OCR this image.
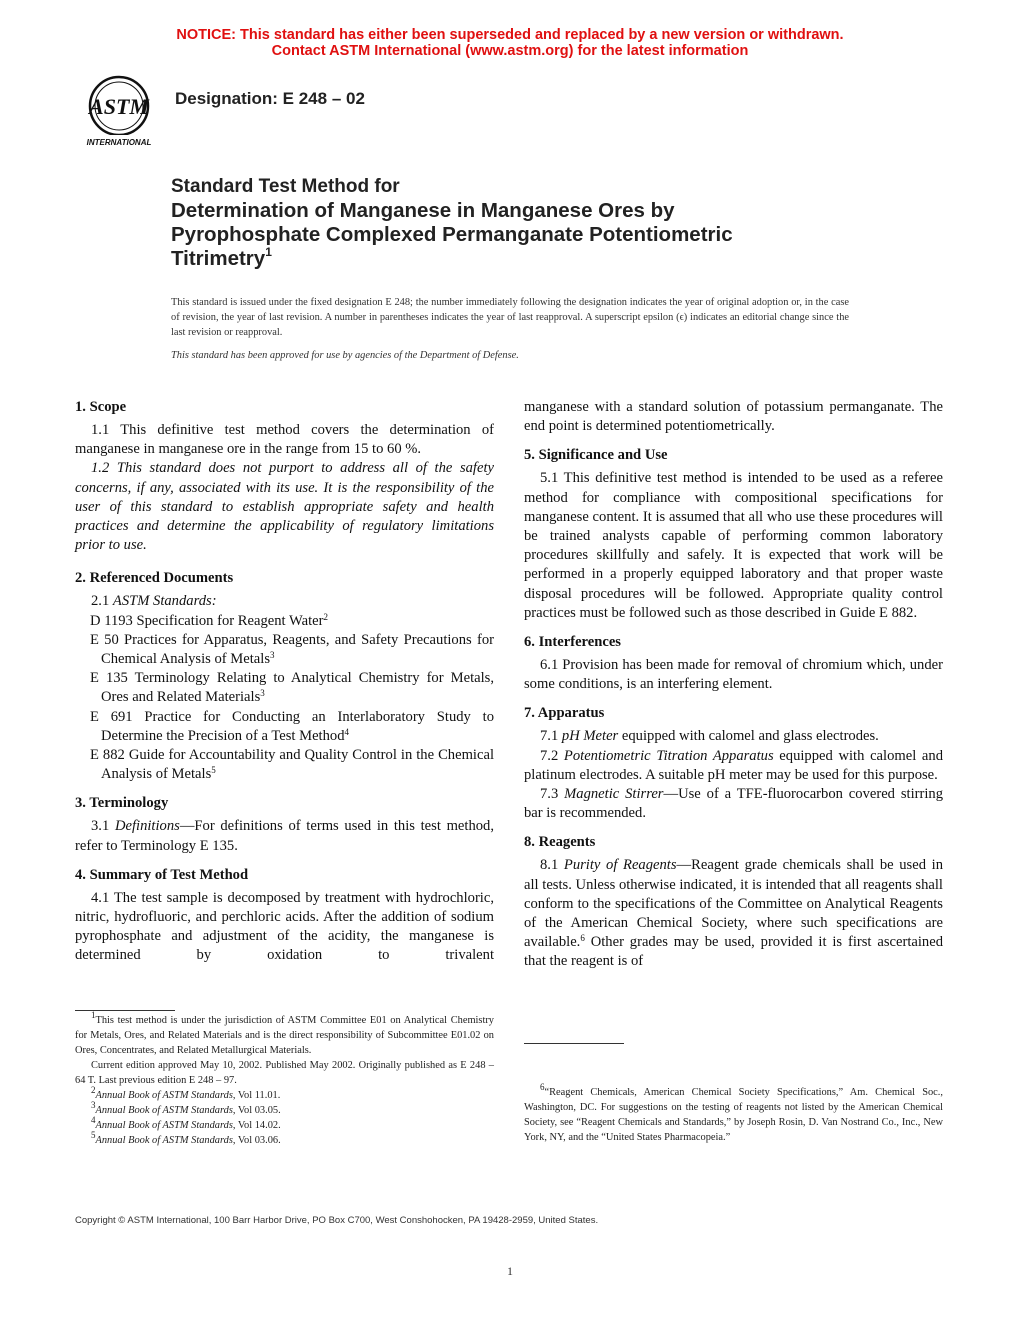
NOTICE: This standard has either been superseded and replaced by a new version or withdrawn.
Contact ASTM International (www.astm.org) for the latest information
ASTM
INTERNATIONAL
Designation: E 248 – 02
Standard Test Method for
Determination of Manganese in Manganese Ores by
Pyrophosphate Complexed Permanganate Potentiometric
Titrimetry$^1$
This standard is issued under the fixed designation E 248; the number immediately following the designation indicates the year of original adoption or, in the case of revision, the year of last revision. A number in parentheses indicates the year of last reapproval. A superscript epsilon (ϵ) indicates an editorial change since the last revision or reapproval.
This standard has been approved for use by agencies of the Department of Defense.
1. Scope

1.1 This definitive test method covers the determination of manganese in manganese ore in the range from 15 to 60 %.

1.2 This standard does not purport to address all of the safety concerns, if any, associated with its use. It is the responsibility of the user of this standard to establish appropriate safety and health practices and determine the applicability of regulatory limitations prior to use.

2. Referenced Documents

2.1 ASTM Standards:

D 1193 Specification for Reagent Water$^2$

E 50 Practices for Apparatus, Reagents, and Safety Precautions for Chemical Analysis of Metals$^3$

E 135 Terminology Relating to Analytical Chemistry for Metals, Ores and Related Materials$^3$

E 691 Practice for Conducting an Interlaboratory Study to Determine the Precision of a Test Method$^4$

E 882 Guide for Accountability and Quality Control in the Chemical Analysis of Metals$^5$

3. Terminology

3.1 Definitions—For definitions of terms used in this test method, refer to Terminology E 135.

4. Summary of Test Method

4.1 The test sample is decomposed by treatment with hydrochloric, nitric, hydrofluoric, and perchloric acids. After the addition of sodium pyrophosphate and adjustment of the acidity, the manganese is determined by oxidation to trivalent

$^1$This test method is under the jurisdiction of ASTM Committee E01 on Analytical Chemistry for Metals, Ores, and Related Materials and is the direct responsibility of Subcommittee E01.02 on Ores, Concentrates, and Related Metallurgical Materials.

Current edition approved May 10, 2002. Published May 2002. Originally published as E 248 – 64 T. Last previous edition E 248 – 97.

$^2$Annual Book of ASTM Standards, Vol 11.01.

$^3$Annual Book of ASTM Standards, Vol 03.05.

$^4$Annual Book of ASTM Standards, Vol 14.02.

$^5$Annual Book of ASTM Standards, Vol 03.06.

manganese with a standard solution of potassium permanganate. The end point is determined potentiometrically.

5. Significance and Use

5.1 This definitive test method is intended to be used as a referee method for compliance with compositional specifications for manganese content. It is assumed that all who use these procedures will be trained analysts capable of performing common laboratory procedures skillfully and safely. It is expected that work will be performed in a properly equipped laboratory and that proper waste disposal procedures will be followed. Appropriate quality control practices must be followed such as those described in Guide E 882.

6. Interferences

6.1 Provision has been made for removal of chromium which, under some conditions, is an interfering element.

7. Apparatus

7.1 pH Meter equipped with calomel and glass electrodes.

7.2 Potentiometric Titration Apparatus equipped with calomel and platinum electrodes. A suitable pH meter may be used for this purpose.

7.3 Magnetic Stirrer—Use of a TFE-fluorocarbon covered stirring bar is recommended.

8. Reagents

8.1 Purity of Reagents—Reagent grade chemicals shall be used in all tests. Unless otherwise indicated, it is intended that all reagents shall conform to the specifications of the Committee on Analytical Reagents of the American Chemical Society, where such specifications are available.$^6$ Other grades may be used, provided it is first ascertained that the reagent is of

$^6$“Reagent Chemicals, American Chemical Society Specifications,” Am. Chemical Soc., Washington, DC. For suggestions on the testing of reagents not listed by the American Chemical Society, see “Reagent Chemicals and Standards,” by Joseph Rosin, D. Van Nostrand Co., Inc., New York, NY, and the “United States Pharmacopeia.”

Copyright © ASTM International, 100 Barr Harbor Drive, PO Box C700, West Conshohocken, PA 19428-2959, United States.
1
